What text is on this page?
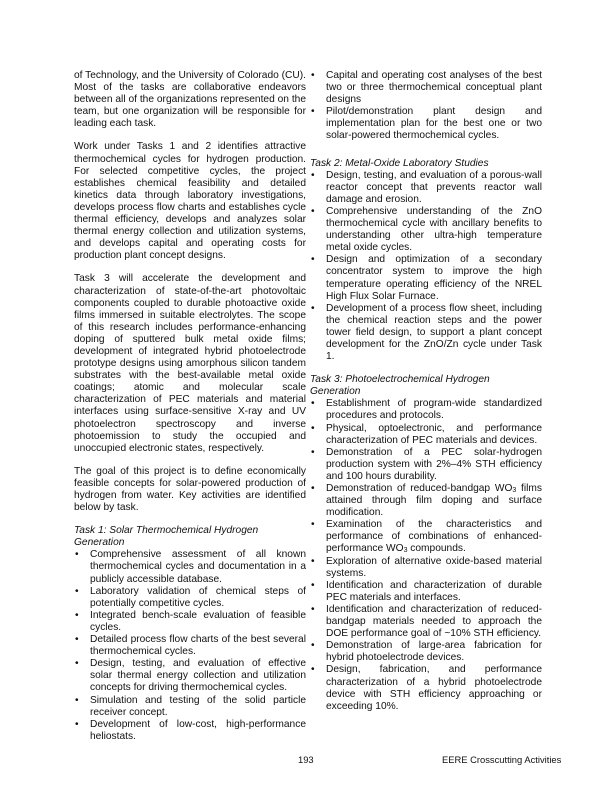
of Technology, and the University of Colorado (CU). Most of the tasks are collaborative endeavors between all of the organizations represented on the team, but one organization will be responsible for leading each task.

Work under Tasks 1 and 2 identifies attractive thermochemical cycles for hydrogen production. For selected competitive cycles, the project establishes chemical feasibility and detailed kinetics data through laboratory investigations, develops process flow charts and establishes cycle thermal efficiency, develops and analyzes solar thermal energy collection and utilization systems, and develops capital and operating costs for production plant concept designs.

Task 3 will accelerate the development and characterization of state-of-the-art photovoltaic components coupled to durable photoactive oxide films immersed in suitable electrolytes. The scope of this research includes performance-enhancing doping of sputtered bulk metal oxide films; development of integrated hybrid photoelectrode prototype designs using amorphous silicon tandem substrates with the best-available metal oxide coatings; atomic and molecular scale characterization of PEC materials and material interfaces using surface-sensitive X-ray and UV photoelectron spectroscopy and inverse photoemission to study the occupied and unoccupied electronic states, respectively.

The goal of this project is to define economically feasible concepts for solar-powered production of hydrogen from water. Key activities are identified below by task.

Task 1: Solar Thermochemical Hydrogen
Generation
• Comprehensive assessment of all known thermochemical cycles and documentation in a publicly accessible database.
• Laboratory validation of chemical steps of potentially competitive cycles.
• Integrated bench-scale evaluation of feasible cycles.
• Detailed process flow charts of the best several thermochemical cycles.
• Design, testing, and evaluation of effective solar thermal energy collection and utilization concepts for driving thermochemical cycles.
• Simulation and testing of the solid particle receiver concept.
• Development of low-cost, high-performance heliostats.
• Capital and operating cost analyses of the best two or three thermochemical conceptual plant designs
• Pilot/demonstration plant design and implementation plan for the best one or two solar-powered thermochemical cycles.
Task 2: Metal-Oxide Laboratory Studies
• Design, testing, and evaluation of a porous-wall reactor concept that prevents reactor wall damage and erosion.
• Comprehensive understanding of the ZnO thermochemical cycle with ancillary benefits to understanding other ultra-high temperature metal oxide cycles.
• Design and optimization of a secondary concentrator system to improve the high temperature operating efficiency of the NREL High Flux Solar Furnace.
• Development of a process flow sheet, including the chemical reaction steps and the power tower field design, to support a plant concept development for the ZnO/Zn cycle under Task 1.
Task 3: Photoelectrochemical Hydrogen
Generation
• Establishment of program-wide standardized procedures and protocols.
• Physical, optoelectronic, and performance characterization of PEC materials and devices.
• Demonstration of a PEC solar-hydrogen production system with 2%–4% STH efficiency and 100 hours durability.
• Demonstration of reduced-bandgap $WO_3$ films attained through film doping and surface modification.
• Examination of the characteristics and performance of combinations of enhanced-performance $WO_3$ compounds.
• Exploration of alternative oxide-based material systems.
• Identification and characterization of durable PEC materials and interfaces.
• Identification and characterization of reduced-bandgap materials needed to approach the DOE performance goal of ~10% STH efficiency.
• Demonstration of large-area fabrication for hybrid photoelectrode devices.
• Design, fabrication, and performance characterization of a hybrid photoelectrode device with STH efficiency approaching or exceeding 10%.
193	EERE Crosscutting Activities
